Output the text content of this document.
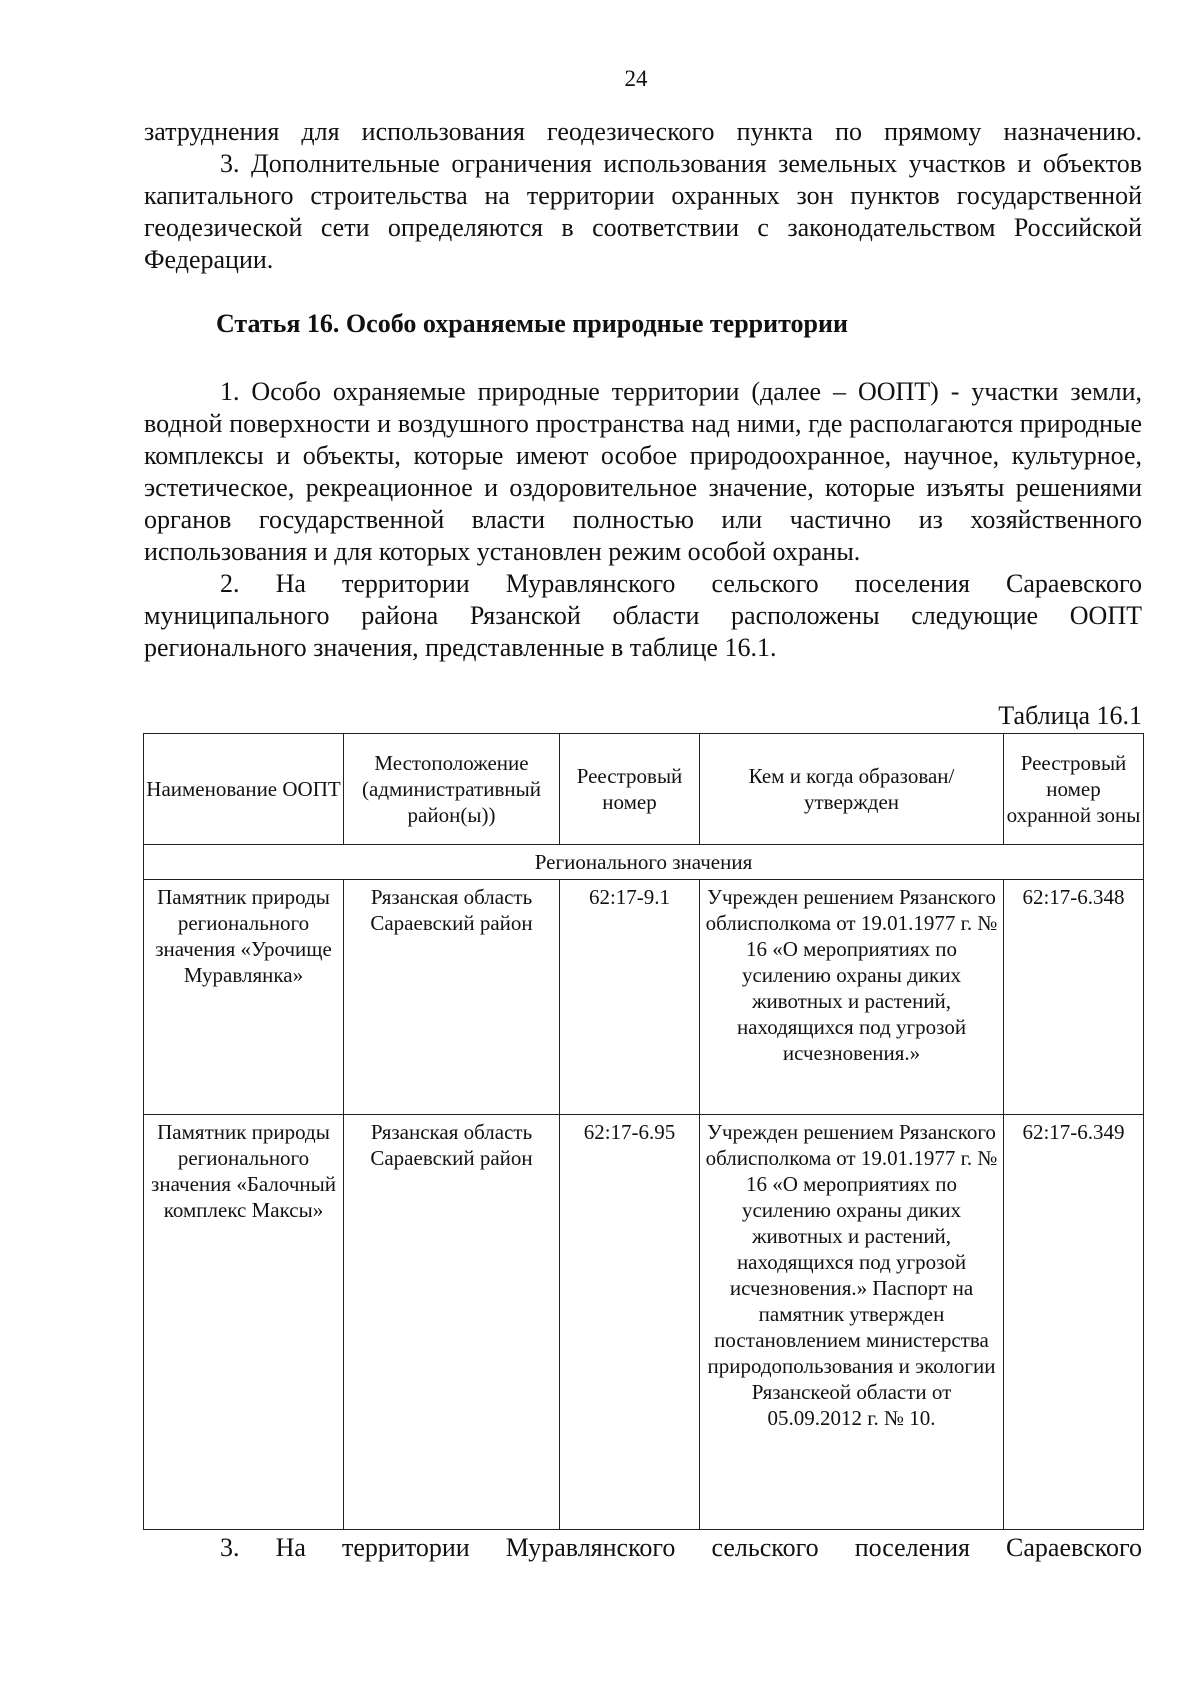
24

затруднения для использования геодезического пункта по прямому назначению.

3. Дополнительные ограничения использования земельных участков и объектов капитального строительства на территории охранных зон пунктов государственной геодезической сети определяются в соответствии с законодательством Российской Федерации.

Статья 16. Особо охраняемые природные территории

1. Особо охраняемые природные территории (далее – ООПТ) - участки земли, водной поверхности и воздушного пространства над ними, где располагаются природные комплексы и объекты, которые имеют особое природоохранное, научное, культурное, эстетическое, рекреационное и оздоровительное значение, которые изъяты решениями органов государственной власти полностью или частично из хозяйственного использования и для которых установлен режим особой охраны.

2. На территории Муравлянского сельского поселения Сараевского муниципального района Рязанской области расположены следующие ООПТ регионального значения, представленные в таблице 16.1.

Таблица 16.1
Наименование ООПТ	Местоположение (административный район(ы))	Реестровый номер	Кем и когда образован/ утвержден	Реестровый номер охранной зоны
Регионального значения				
Памятник природы регионального значения «Урочище Муравлянка»	Рязанская область Сараевский район	62:17-9.1	Учрежден решением Рязанского облисполкома от 19.01.1977 г. № 16 «О мероприятиях по усилению охраны диких животных и растений, находящихся под угрозой исчезновения.»	62:17-6.348
Памятник природы регионального значения «Балочный комплекс Максы»	Рязанская область Сараевский район	62:17-6.95	Учрежден решением Рязанского облисполкома от 19.01.1977 г. № 16 «О мероприятиях по усилению охраны диких животных и растений, находящихся под угрозой исчезновения.» Паспорт на памятник утвержден постановлением министерства природопользования и экологии Рязанскеой области от 05.09.2012 г. № 10.	62:17-6.349

3. На территории Муравлянского сельского поселения Сараевского
